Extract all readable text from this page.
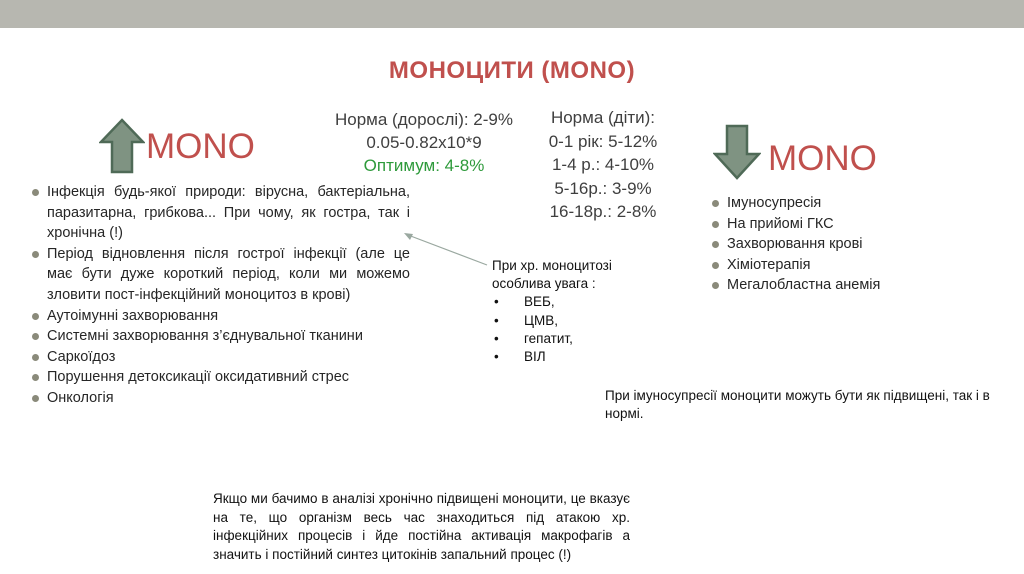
МОНОЦИТИ (MONO)
Норма (дорослі): 2-9%
0.05-0.82х10*9
Оптимум: 4-8%
Норма (діти):
0-1 рік: 5-12%
1-4 р.: 4-10%
5-16р.: 3-9%
16-18р.: 2-8%
MONO	MONO
Інфекція будь-якої природи: вірусна, бактеріальна, паразитарна, грибкова... При чому, як гостра, так і хронічна (!)
Період відновлення після гострої інфекції (але це має бути дуже короткий період, коли ми можемо зловити пост-інфекційний моноцитоз в крові)
Аутоімунні захворювання
Системні захворювання з’єднувальної тканини
Саркоїдоз
Порушення детоксикації оксидативний стрес
Онкологія
Імуносупресія
На прийомі ГКС
Захворювання крові
Хіміотерапія
Мегалобластна анемія
При хр. моноцитозі
особлива увага :
• ВЕБ,
• ЦМВ,
• гепатит,
• ВІЛ
При імуносупресії моноцити можуть бути як підвищені, так і в нормі.
Якщо ми бачимо в аналізі хронічно підвищені моноцити, це вказує на те, що організм весь час знаходиться під атакою хр. інфекційних процесів і йде постійна активація макрофагів а значить і постійний синтез цитокінів запальний процес (!)
